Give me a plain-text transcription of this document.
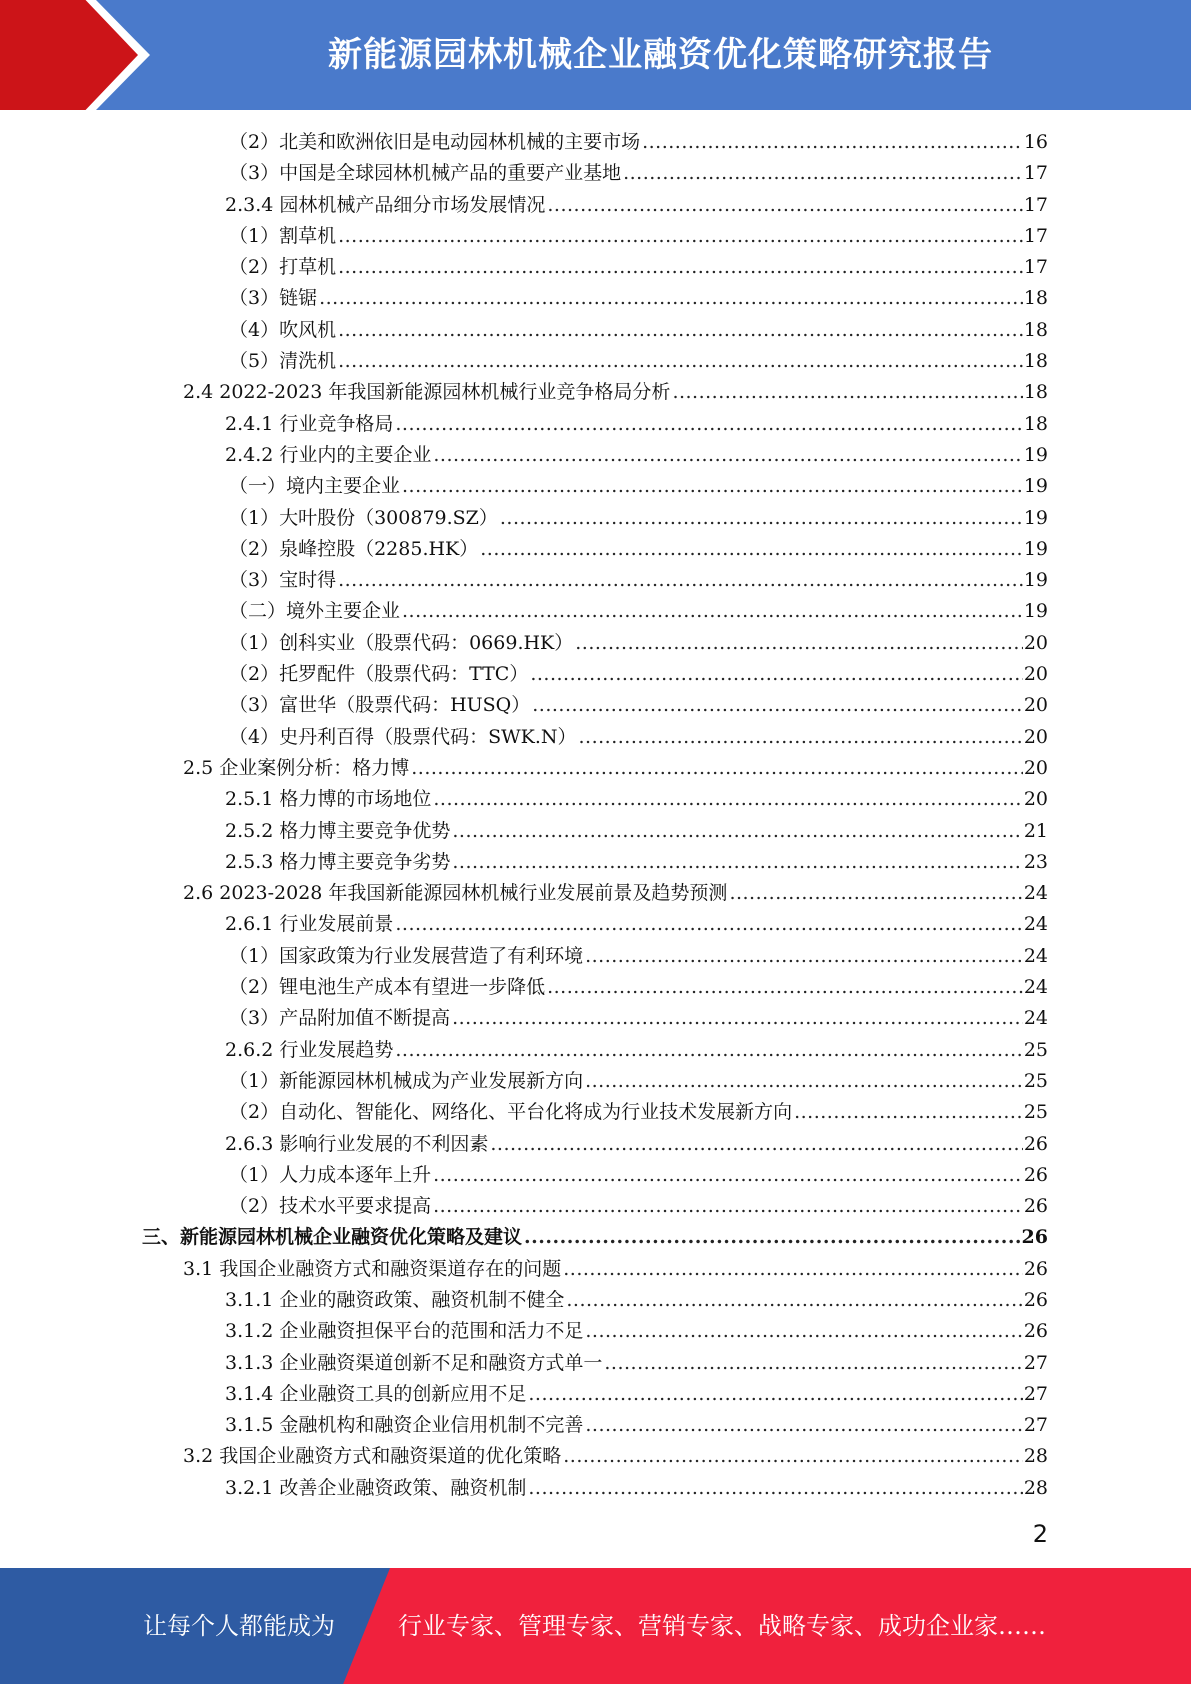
新能源园林机械企业融资优化策略研究报告
（2）北美和欧洲依旧是电动园林机械的主要市场 .....	16
（3）中国是全球园林机械产品的重要产业基地 .....	17
2.3.4 园林机械产品细分市场发展情况 .....	17
（1）割草机 .....	17
（2）打草机 .....	17
（3）链锯 .....	18
（4）吹风机 .....	18
（5）清洗机 .....	18
2.4 2022-2023 年我国新能源园林机械行业竞争格局分析 .....	18
2.4.1 行业竞争格局 .....	18
2.4.2 行业内的主要企业 .....	19
（一）境内主要企业 .....	19
（1）大叶股份（300879.SZ） .....	19
（2）泉峰控股（2285.HK） .....	19
（3）宝时得 .....	19
（二）境外主要企业 .....	19
（1）创科实业（股票代码：0669.HK） .....	20
（2）托罗配件（股票代码：TTC） .....	20
（3）富世华（股票代码：HUSQ） .....	20
（4）史丹利百得（股票代码：SWK.N） .....	20
2.5 企业案例分析：格力博 .....	20
2.5.1 格力博的市场地位 .....	20
2.5.2 格力博主要竞争优势 .....	21
2.5.3 格力博主要竞争劣势 .....	23
2.6 2023-2028 年我国新能源园林机械行业发展前景及趋势预测 .....	24
2.6.1 行业发展前景 .....	24
（1）国家政策为行业发展营造了有利环境 .....	24
（2）锂电池生产成本有望进一步降低 .....	24
（3）产品附加值不断提高 .....	24
2.6.2 行业发展趋势 .....	25
（1）新能源园林机械成为产业发展新方向 .....	25
（2）自动化、智能化、网络化、平台化将成为行业技术发展新方向 .....	25
2.6.3 影响行业发展的不利因素 .....	26
（1）人力成本逐年上升 .....	26
（2）技术水平要求提高 .....	26
三、新能源园林机械企业融资优化策略及建议 .....	26
3.1 我国企业融资方式和融资渠道存在的问题 .....	26
3.1.1 企业的融资政策、融资机制不健全 .....	26
3.1.2 企业融资担保平台的范围和活力不足 .....	26
3.1.3 企业融资渠道创新不足和融资方式单一 .....	27
3.1.4 企业融资工具的创新应用不足 .....	27
3.1.5 金融机构和融资企业信用机制不完善 .....	27
3.2 我国企业融资方式和融资渠道的优化策略 .....	28
3.2.1 改善企业融资政策、融资机制 .....	28
2
让每个人都能成为	行业专家、管理专家、营销专家、战略专家、成功企业家……
